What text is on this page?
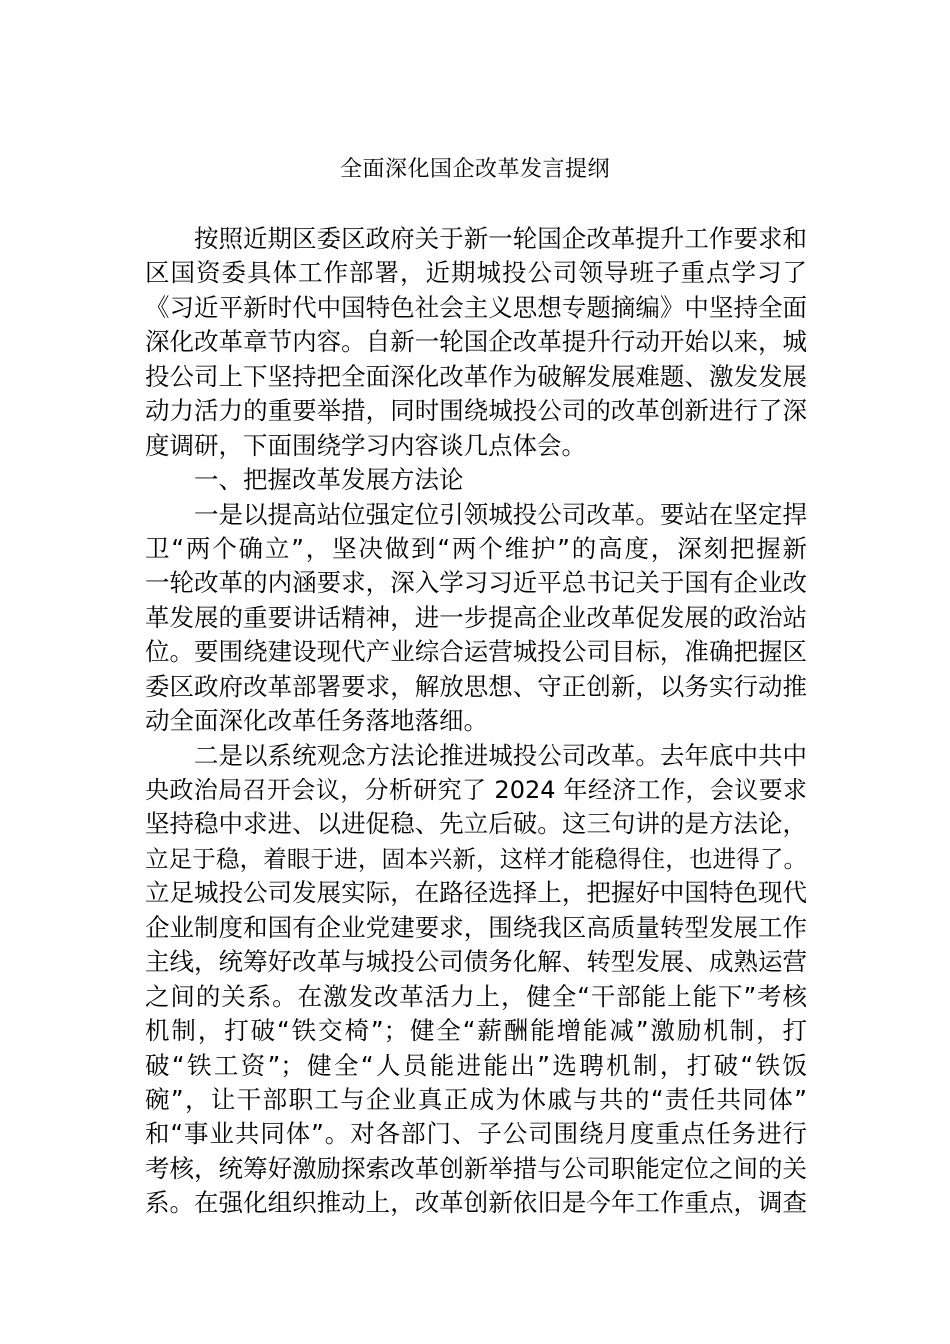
全面深化国企改革发言提纲
按照近期区委区政府关于新一轮国企改革提升工作要求和
区国资委具体工作部署，近期城投公司领导班子重点学习了
《习近平新时代中国特色社会主义思想专题摘编》中坚持全面
深化改革章节内容。自新一轮国企改革提升行动开始以来，城
投公司上下坚持把全面深化改革作为破解发展难题、激发发展
动力活力的重要举措，同时围绕城投公司的改革创新进行了深
度调研，下面围绕学习内容谈几点体会。
一、把握改革发展方法论
一是以提高站位强定位引领城投公司改革。要站在坚定捍
卫“两个确立”，坚决做到“两个维护”的高度，深刻把握新
一轮改革的内涵要求，深入学习习近平总书记关于国有企业改
革发展的重要讲话精神，进一步提高企业改革促发展的政治站
位。要围绕建设现代产业综合运营城投公司目标，准确把握区
委区政府改革部署要求，解放思想、守正创新，以务实行动推
动全面深化改革任务落地落细。
二是以系统观念方法论推进城投公司改革。去年底中共中
央政治局召开会议，分析研究了 2024 年经济工作，会议要求
坚持稳中求进、以进促稳、先立后破。这三句讲的是方法论，
立足于稳，着眼于进，固本兴新，这样才能稳得住，也进得了。
立足城投公司发展实际，在路径选择上，把握好中国特色现代
企业制度和国有企业党建要求，围绕我区高质量转型发展工作
主线，统筹好改革与城投公司债务化解、转型发展、成熟运营
之间的关系。在激发改革活力上，健全“干部能上能下”考核
机制，打破“铁交椅”；健全“薪酬能增能减”激励机制，打
破“铁工资”；健全“人员能进能出”选聘机制，打破“铁饭
碗”，让干部职工与企业真正成为休戚与共的“责任共同体”
和“事业共同体”。对各部门、子公司围绕月度重点任务进行
考核，统筹好激励探索改革创新举措与公司职能定位之间的关
系。在强化组织推动上，改革创新依旧是今年工作重点，调查
